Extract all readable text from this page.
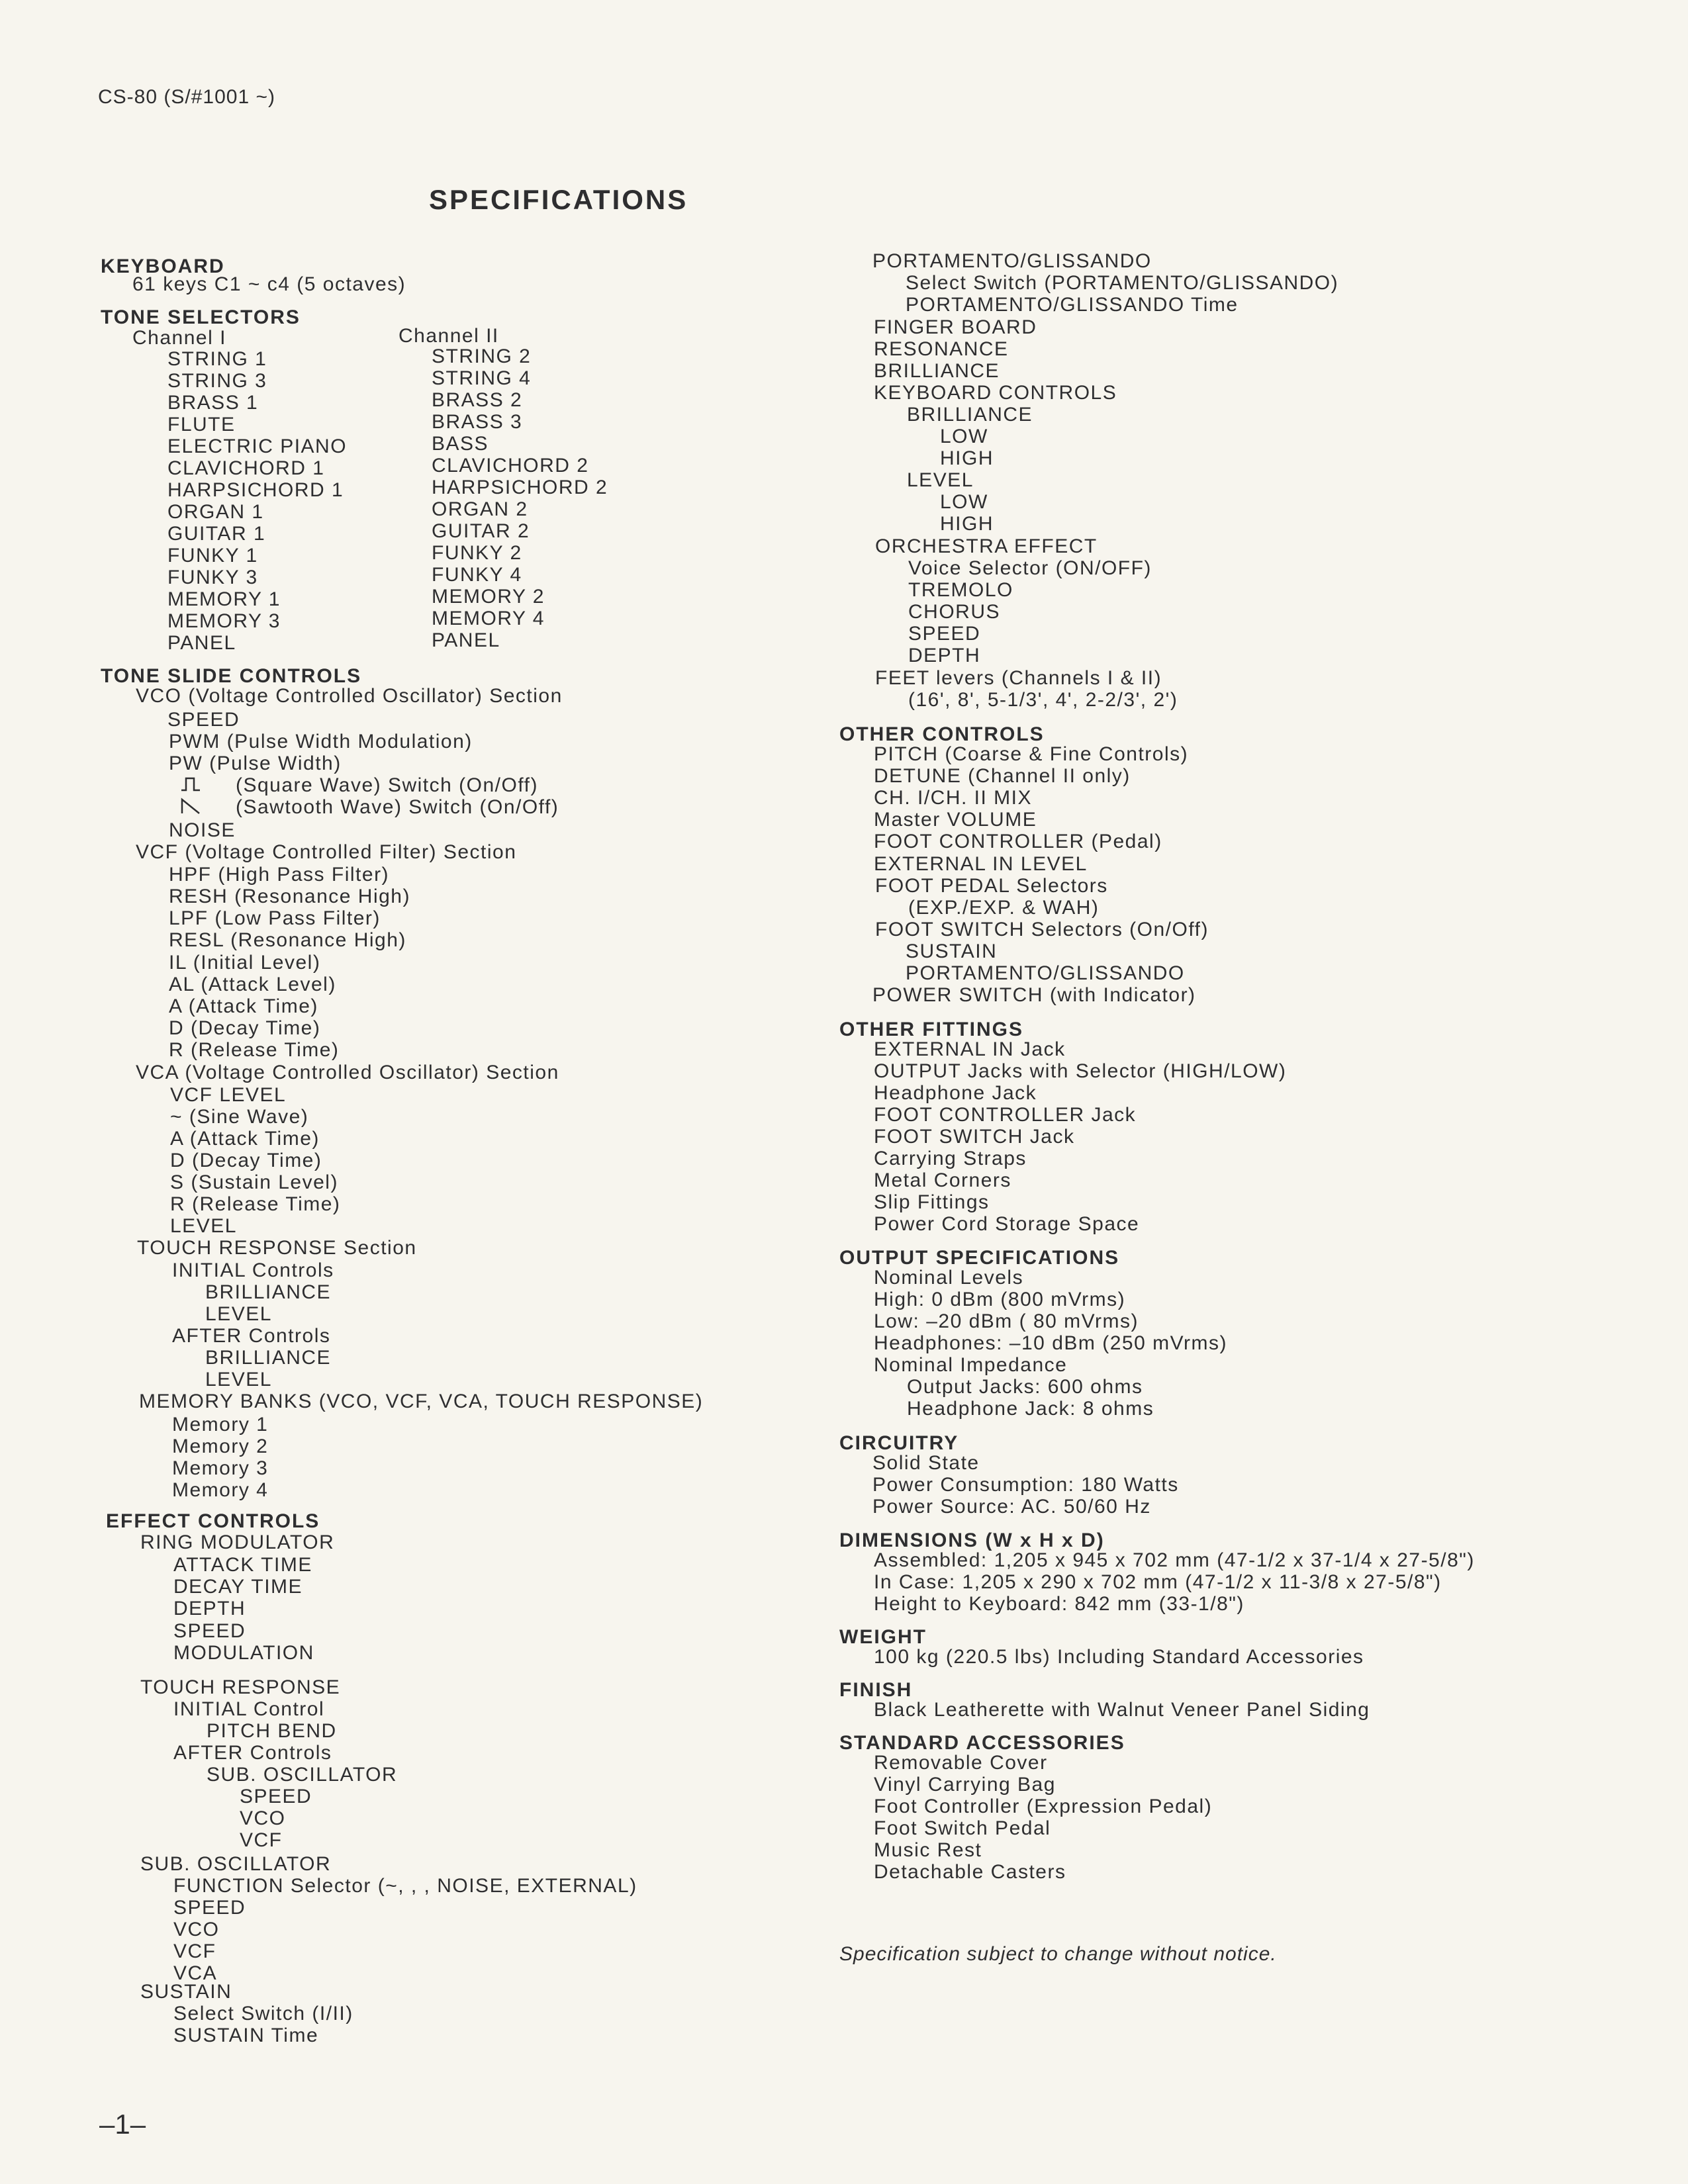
CS-80 (S/#1001 ~)
SPECIFICATIONS
KEYBOARD
61 keys C1 ~ c4 (5 octaves)
TONE SELECTORS
Channel I
STRING 1
STRING 3
BRASS 1
FLUTE
ELECTRIC PIANO
CLAVICHORD 1
HARPSICHORD 1
ORGAN 1
GUITAR 1
FUNKY 1
FUNKY 3
MEMORY 1
MEMORY 3
PANEL
TONE SLIDE CONTROLS
VCO (Voltage Controlled Oscillator) Section
SPEED
PWM (Pulse Width Modulation)
PW (Pulse Width)
(Square Wave) Switch (On/Off)
(Sawtooth Wave) Switch (On/Off)
NOISE
VCF (Voltage Controlled Filter) Section
HPF (High Pass Filter)
RESH (Resonance High)
LPF (Low Pass Filter)
RESL (Resonance High)
IL (Initial Level)
AL (Attack Level)
A (Attack Time)
D (Decay Time)
R (Release Time)
VCA (Voltage Controlled Oscillator) Section
VCF LEVEL
~ (Sine Wave)
A (Attack Time)
D (Decay Time)
S (Sustain Level)
R (Release Time)
LEVEL
TOUCH RESPONSE Section
INITIAL Controls
BRILLIANCE
LEVEL
AFTER Controls
BRILLIANCE
LEVEL
MEMORY BANKS (VCO, VCF, VCA, TOUCH RESPONSE)
Memory 1
Memory 2
Memory 3
Memory 4
EFFECT CONTROLS
RING MODULATOR
ATTACK TIME
DECAY TIME
DEPTH
SPEED
MODULATION
TOUCH RESPONSE
INITIAL Control
PITCH BEND
AFTER Controls
SUB. OSCILLATOR
SPEED
VCO
VCF
SUB. OSCILLATOR
FUNCTION Selector (~, , , NOISE, EXTERNAL)
SPEED
VCO
VCF
VCA
SUSTAIN
Select Switch (I/II)
SUSTAIN Time
Channel II
STRING 2
STRING 4
BRASS 2
BRASS 3
BASS
CLAVICHORD 2
HARPSICHORD 2
ORGAN 2
GUITAR 2
FUNKY 2
FUNKY 4
MEMORY 2
MEMORY 4
PANEL
PORTAMENTO/GLISSANDO
Select Switch (PORTAMENTO/GLISSANDO)
PORTAMENTO/GLISSANDO Time
FINGER BOARD
RESONANCE
BRILLIANCE
KEYBOARD CONTROLS
BRILLIANCE
LOW
HIGH
LEVEL
LOW
HIGH
ORCHESTRA EFFECT
Voice Selector (ON/OFF)
TREMOLO
CHORUS
SPEED
DEPTH
FEET levers (Channels I & II)
(16', 8', 5-1/3', 4', 2-2/3', 2')
OTHER CONTROLS
PITCH (Coarse & Fine Controls)
DETUNE (Channel II only)
CH. I/CH. II MIX
Master VOLUME
FOOT CONTROLLER (Pedal)
EXTERNAL IN LEVEL
FOOT PEDAL Selectors
(EXP./EXP. & WAH)
FOOT SWITCH Selectors (On/Off)
SUSTAIN
PORTAMENTO/GLISSANDO
POWER SWITCH (with Indicator)
OTHER FITTINGS
EXTERNAL IN Jack
OUTPUT Jacks with Selector (HIGH/LOW)
Headphone Jack
FOOT CONTROLLER Jack
FOOT SWITCH Jack
Carrying Straps
Metal Corners
Slip Fittings
Power Cord Storage Space
OUTPUT SPECIFICATIONS
Nominal Levels
High: 0 dBm (800 mVrms)
Low: –20 dBm ( 80 mVrms)
Headphones: –10 dBm (250 mVrms)
Nominal Impedance
Output Jacks: 600 ohms
Headphone Jack: 8 ohms
CIRCUITRY
Solid State
Power Consumption: 180 Watts
Power Source: AC. 50/60 Hz
DIMENSIONS (W x H x D)
Assembled: 1,205 x 945 x 702 mm (47-1/2 x 37-1/4 x 27-5/8")
In Case: 1,205 x 290 x 702 mm (47-1/2 x 11-3/8 x 27-5/8")
Height to Keyboard: 842 mm (33-1/8")
WEIGHT
100 kg (220.5 lbs) Including Standard Accessories
FINISH
Black Leatherette with Walnut Veneer Panel Siding
STANDARD ACCESSORIES
Removable Cover
Vinyl Carrying Bag
Foot Controller (Expression Pedal)
Foot Switch Pedal
Music Rest
Detachable Casters
Specification subject to change without notice.
–1–
